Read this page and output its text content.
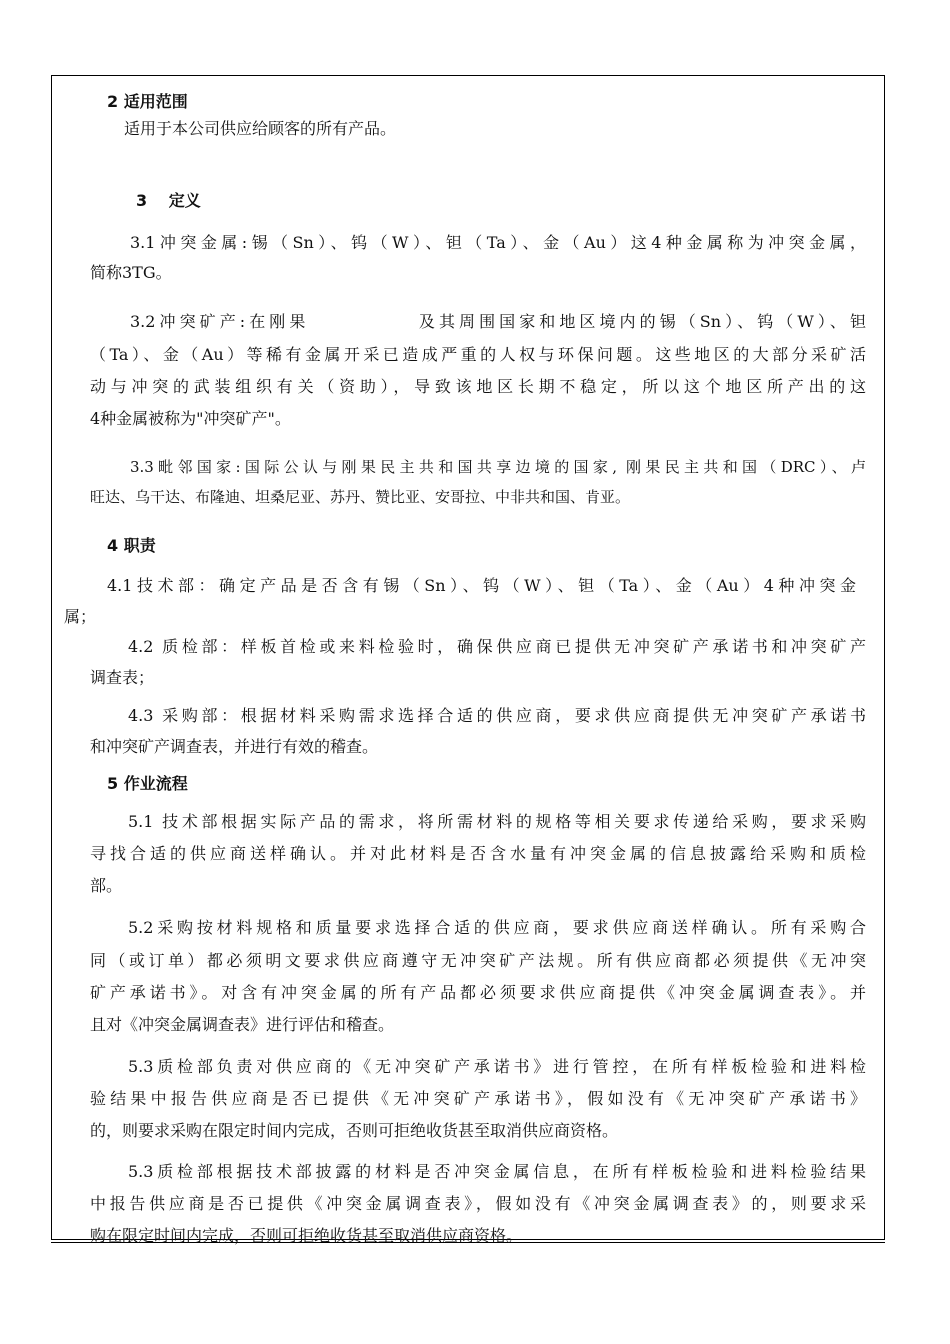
2 适用范围
适用于本公司供应给顾客的所有产品。
3　 定义
3.1冲突金属:锡（Sn）、钨（W）、钽（Ta）、金（Au）这4种金属称为冲突金属，
简称3TG。
3.2冲突矿产:在刚果　　　　　 及其周围国家和地区境内的锡（Sn）、钨（W）、钽
（Ta）、金（Au）等稀有金属开采已造成严重的人权与环保问题。这些地区的大部分采矿活
动与冲突的武装组织有关（资助），导致该地区长期不稳定，所以这个地区所产出的这
4种金属被称为"冲突矿产"。
3.3毗邻国家:国际公认与刚果民主共和国共享边境的国家, 刚果民主共和国（DRC）、卢
旺达、乌干达、布隆迪、坦桑尼亚、苏丹、赞比亚、安哥拉、中非共和国、肯亚。
4 职责
4.1技术部：确定产品是否含有锡（Sn）、钨（W）、钽（Ta）、金（Au）4种冲突金
属；
4.2 质检部：样板首检或来料检验时，确保供应商已提供无冲突矿产承诺书和冲突矿产
调查表；
4.3 采购部：根据材料采购需求选择合适的供应商，要求供应商提供无冲突矿产承诺书
和冲突矿产调查表，并进行有效的稽查。
5 作业流程
5.1 技术部根据实际产品的需求，将所需材料的规格等相关要求传递给采购，要求采购
寻找合适的供应商送样确认。并对此材料是否含水量有冲突金属的信息披露给采购和质检
部。
5.2采购按材料规格和质量要求选择合适的供应商，要求供应商送样确认。所有采购合
同（或订单）都必须明文要求供应商遵守无冲突矿产法规。所有供应商都必须提供《无冲突
矿产承诺书》。对含有冲突金属的所有产品都必须要求供应商提供《冲突金属调查表》。并
且对《冲突金属调查表》进行评估和稽查。
5.3质检部负责对供应商的《无冲突矿产承诺书》进行管控，在所有样板检验和进料检
验结果中报告供应商是否已提供《无冲突矿产承诺书》，假如没有《无冲突矿产承诺书》
的，则要求采购在限定时间内完成，否则可拒绝收货甚至取消供应商资格。
5.3质检部根据技术部披露的材料是否冲突金属信息，在所有样板检验和进料检验结果
中报告供应商是否已提供《冲突金属调查表》，假如没有《冲突金属调查表》的，则要求采
购在限定时间内完成，否则可拒绝收货甚至取消供应商资格。
